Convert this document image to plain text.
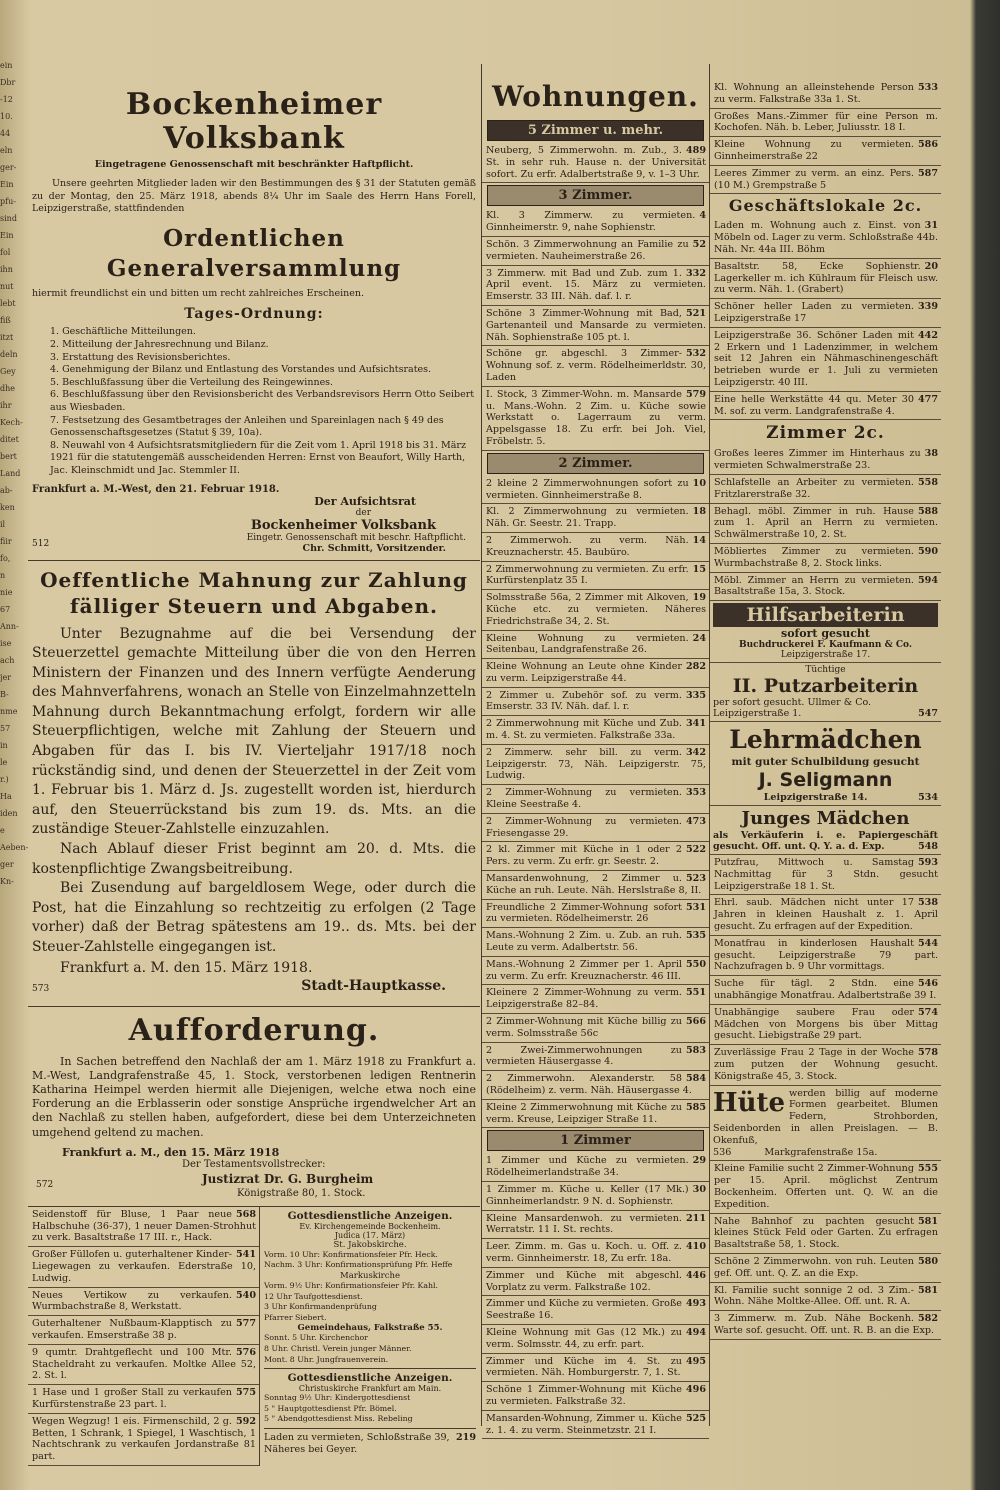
ein
Dbr
-12
10.
44
eln
ger-
Ein
pfu-
sind
Ein
fol
ihn
nut
lebt
fiß
itzt
deln
Gey
dhe
ihr
Kech-
ditet
bert
Land
ab-
ken
il
fiir
fo,
n
nie
67
Ann-
ise
ach
jer
B-
nme
57
in
le
r.)
Ha
iden
e
Aeben-
ger
Kn-
Bockenheimer Volksbank
Eingetragene Genossenschaft mit beschränkter Haftpflicht.
Unsere geehrten Mitglieder laden wir den Bestimmungen des § 31 der Statuten gemäß zu der Montag, den 25. März 1918, abends 8¼ Uhr im Saale des Herrn Hans Forell, Leipzigerstraße, stattfindenden
Ordentlichen Generalversammlung
hiermit freundlichst ein und bitten um recht zahlreiches Erscheinen.
Tages-Ordnung:
1. Geschäftliche Mitteilungen.
2. Mitteilung der Jahresrechnung und Bilanz.
3. Erstattung des Revisionsberichtes.
4. Genehmigung der Bilanz und Entlastung des Vorstandes und Aufsichtsrates.
5. Beschlußfassung über die Verteilung des Reingewinnes.
6. Beschlußfassung über den Revisionsbericht des Verbandsrevisors Herrn Otto Seibert aus Wiesbaden.
7. Festsetzung des Gesamtbetrages der Anleihen und Spareinlagen nach § 49 des Genossenschaftsgesetzes (Statut § 39, 10a).
8. Neuwahl von 4 Aufsichtsratsmitgliedern für die Zeit vom 1. April 1918 bis 31. März 1921 für die statutengemäß ausscheidenden Herren: Ernst von Beaufort, Willy Harth, Jac. Kleinschmidt und Jac. Stemmler II.
Frankfurt a. M.-West, den 21. Februar 1918.
Der Aufsichtsrat
der
Bockenheimer Volksbank
512
Eingetr. Genossenschaft mit beschr. Haftpflicht.
Chr. Schmitt, Vorsitzender.
Oeffentliche Mahnung zur Zahlung
fälliger Steuern und Abgaben.

Unter Bezugnahme auf die bei Versendung der Steuerzettel gemachte Mitteilung über die von den Herren Ministern der Finanzen und des Innern verfügte Aenderung des Mahnverfahrens, wonach an Stelle von Einzelmahnzetteln Mahnung durch Bekanntmachung erfolgt, fordern wir alle Steuerpflichtigen, welche mit Zahlung der Steuern und Abgaben für das I. bis IV. Vierteljahr 1917/18 noch rückständig sind, und denen der Steuerzettel in der Zeit vom 1. Februar bis 1. März d. Js. zugestellt worden ist, hierdurch auf, den Steuerrückstand bis zum 19. ds. Mts. an die zuständige Steuer-Zahlstelle einzuzahlen.

Nach Ablauf dieser Frist beginnt am 20. d. Mts. die kostenpflichtige Zwangsbeitreibung.

Bei Zusendung auf bargeldlosem Wege, oder durch die Post, hat die Einzahlung so rechtzeitig zu erfolgen (2 Tage vorher) daß der Betrag spätestens am 19.. ds. Mts. bei der Steuer-Zahlstelle eingegangen ist.

Frankfurt a. M. den 15. März 1918.

573	Stadt-Hauptkasse.
Aufforderung.

In Sachen betreffend den Nachlaß der am 1. März 1918 zu Frankfurt a. M.-West, Landgrafenstraße 45, 1. Stock, verstorbenen ledigen Rentnerin Katharina Heimpel werden hiermit alle Diejenigen, welche etwa noch eine Forderung an die Erblasserin oder sonstige Ansprüche irgendwelcher Art an den Nachlaß zu stellen haben, aufgefordert, diese bei dem Unterzeichneten umgehend geltend zu machen.

Frankfurt a. M., den 15. März 1918

Der Testamentsvollstrecker:

572	Justizrat Dr. G. Burgheim

Königstraße 80, 1. Stock.

568
Seidenstoff für Bluse, 1 Paar neue Halbschuhe (36-37), 1 neuer Damen-Strohhut zu verk. Basaltstraße 17 III. r., Hack.
541
Großer Füllofen u. guterhaltener Kinder-Liegewagen zu verkaufen. Ederstraße 10, Ludwig.
540
Neues Vertikow zu verkaufen. Wurmbachstraße 8, Werkstatt.
577
Guterhaltener Nußbaum-Klapptisch zu verkaufen. Emserstraße 38 p.
576
9 qumtr. Drahtgeflecht und 100 Mtr. Stacheldraht zu verkaufen. Moltke Allee 52, 2. St. l.
575
1 Hase und 1 großer Stall zu verkaufen Kurfürstenstraße 23 part. l.
592
Wegen Wegzug! 1 eis. Firmenschild, 2 g. Betten, 1 Schrank, 1 Spiegel, 1 Waschtisch, 1 Nachtschrank zu verkaufen Jordanstraße 81 part.
Gottesdienstliche Anzeigen.
Ev. Kirchengemeinde Bockenheim.
Judica (17. März)
St. Jakobskirche.
Vorm. 10 Uhr: Konfirmationsfeier Pfr. Heck.
Nachm. 3 Uhr: Konfirmationsprüfung Pfr. Heffe
Markuskirche
Vorm. 9½ Uhr: Konfirmationsfeier Pfr. Kahl.
12 Uhr Taufgottesdienst.
3 Uhr Konfirmandenprüfung
Pfarrer Siebert.
Gemeindehaus, Falkstraße 55.
Sonnt. 5 Uhr. Kirchenchor
8 Uhr. Christl. Verein junger Männer.
Mont. 8 Uhr. Jungfrauenverein.
Gottesdienstliche Anzeigen.
Christuskirche Frankfurt am Main.
Sonntag 9½ Uhr: Kindergottesdienst
5 " Hauptgottesdienst Pfr. Bömel.
5 " Abendgottesdienst Miss. Rebeling
219
Laden zu vermieten, Schloßstraße 39, Näheres bei Geyer.
Wohnungen.
5 Zimmer u. mehr.
489
Neuberg, 5 Zimmerwohn. m. Zub., 3. St. in sehr ruh. Hause n. der Universität sofort. Zu erfr. Adalbertstraße 9, v. 1–3 Uhr.
3 Zimmer.
4
Kl. 3 Zimmerw. zu vermieten. Ginnheimerstr. 9, nahe Sophienstr.
52
Schön. 3 Zimmerwohnung an Familie zu vermieten. Nauheimerstraße 26.
332
3 Zimmerw. mit Bad und Zub. zum 1. April event. 15. März zu vermieten. Emserstr. 33 III. Näh. daf. l. r.
521
Schöne 3 Zimmer-Wohnung mit Bad, Gartenanteil und Mansarde zu vermieten. Näh. Sophienstraße 105 pt. l.
532
Schöne gr. abgeschl. 3 Zimmer-Wohnung sof. z. verm. Rödelheimerldstr. 30, Laden
579
I. Stock, 3 Zimmer-Wohn. m. Mansarde u. Mans.-Wohn. 2 Zim. u. Küche sowie Werkstatt o. Lagerraum zu verm. Appelsgasse 18. Zu erfr. bei Joh. Viel, Fröbelstr. 5.
2 Zimmer.
10
2 kleine 2 Zimmerwohnungen sofort zu vermieten. Ginnheimerstraße 8.
18
Kl. 2 Zimmerwohnung zu vermieten. Näh. Gr. Seestr. 21. Trapp.
14
2 Zimmerwoh. zu verm. Näh. Kreuznacherstr. 45. Baubüro.
15
2 Zimmerwohnung zu vermieten. Zu erfr. Kurfürstenplatz 35 I.
19
Solmsstraße 56a, 2 Zimmer mit Alkoven, Küche etc. zu vermieten. Näheres Friedrichstraße 34, 2. St.
24
Kleine Wohnung zu vermieten. Seitenbau, Landgrafenstraße 26.
282
Kleine Wohnung an Leute ohne Kinder zu verm. Leipzigerstraße 44.
335
2 Zimmer u. Zubehör sof. zu verm. Emserstr. 33 IV. Näh. daf. l. r.
341
2 Zimmerwohnung mit Küche und Zub. m. 4. St. zu vermieten. Falkstraße 33a.
342
2 Zimmerw. sehr bill. zu verm. Leipzigerstr. 73, Näh. Leipzigerstr. 75, Ludwig.
353
2 Zimmer-Wohnung zu vermieten. Kleine Seestraße 4.
473
2 Zimmer-Wohnung zu vermieten. Friesengasse 29.
522
2 kl. Zimmer mit Küche in 1 oder 2 Pers. zu verm. Zu erfr. gr. Seestr. 2.
523
Mansardenwohnung, 2 Zimmer u. Küche an ruh. Leute. Näh. Herslstraße 8, II.
531
Freundliche 2 Zimmer-Wohnung sofort zu vermieten. Rödelheimerstr. 26
535
Mans.-Wohnung 2 Zim. u. Zub. an ruh. Leute zu verm. Adalbertstr. 56.
550
Mans.-Wohnung 2 Zimmer per 1. April zu verm. Zu erfr. Kreuznacherstr. 46 III.
551
Kleinere 2 Zimmer-Wohnung zu verm. Leipzigerstraße 82–84.
566
2 Zimmer-Wohnung mit Küche billig zu verm. Solmsstraße 56c
583
2 Zwei-Zimmerwohnungen zu vermieten Häusergasse 4.
584
2 Zimmerwohn. Alexanderstr. 58 (Rödelheim) z. verm. Näh. Häusergasse 4.
585
Kleine 2 Zimmerwohnung mit Küche zu verm. Kreuse, Leipziger Straße 11.
1 Zimmer
29
1 Zimmer und Küche zu vermieten. Rödelheimerlandstraße 34.
30
1 Zimmer m. Küche u. Keller (17 Mk.) Ginnheimerlandstr. 9 N. d. Sophienstr.
211
Kleine Mansardenwoh. zu vermieten. Werratstr. 11 I. St. rechts.
410
Leer. Zimm. m. Gas u. Koch. u. Off. z. verm. Ginnheimerstr. 18, Zu erfr. 18a.
446
Zimmer und Küche mit abgeschl. Vorplatz zu verm. Falkstraße 102.
493
Zimmer und Küche zu vermieten. Große Seestraße 16.
494
Kleine Wohnung mit Gas (12 Mk.) zu verm. Solmsstr. 44, zu erfr. part.
495
Zimmer und Küche im 4. St. zu vermieten. Näh. Homburgerstr. 7, 1. St.
496
Schöne 1 Zimmer-Wohnung mit Küche zu vermieten. Falkstraße 32.
525
Mansarden-Wohnung, Zimmer u. Küche z. 1. 4. zu verm. Steinmetzstr. 21 I.
533
Kl. Wohnung an alleinstehende Person zu verm. Falkstraße 33a 1. St.
Großes Mans.-Zimmer für eine Person m. Kochofen. Näh. b. Leber, Juliusstr. 18 I.
586
Kleine Wohnung zu vermieten. Ginnheimerstraße 22
587
Leeres Zimmer zu verm. an einz. Pers. (10 M.) Grempstraße 5
Geschäftslokale 2c.
31
Laden m. Wohnung auch z. Einst. von Möbeln od. Lager zu verm. Schloßstraße 44b. Näh. Nr. 44a III. Böhm
20
Basaltstr. 58, Ecke Sophienstr. Lagerkeller m. ich Kühlraum für Fleisch usw. zu verm. Näh. 1. (Grabert)
339
Schöner heller Laden zu vermieten. Leipzigerstraße 17
442
Leipzigerstraße 36. Schöner Laden mit 2 Erkern und 1 Ladenzimmer, in welchem seit 12 Jahren ein Nähmaschinengeschäft betrieben wurde er 1. Juli zu vermieten Leipzigerstr. 40 III.
477
Eine helle Werkstätte 44 qu. Meter 30 M. sof. zu verm. Landgrafenstraße 4.
Zimmer 2c.
38
Großes leeres Zimmer im Hinterhaus zu vermieten Schwalmerstraße 23.
558
Schlafstelle an Arbeiter zu vermieten. Fritzlarerstraße 32.
588
Behagl. möbl. Zimmer in ruh. Hause zum 1. April an Herrn zu vermieten. Schwälmerstraße 10, 2. St.
590
Möbliertes Zimmer zu vermieten. Wurmbachstraße 8, 2. Stock links.
594
Möbl. Zimmer an Herrn zu vermieten. Basaltstraße 15a, 3. Stock.
Hilfsarbeiterin
sofort gesucht
Buchdruckerei F. Kaufmann & Co.
Leipzigerstraße 17.
Tüchtige
II. Putzarbeiterin
per sofort gesucht. Ullmer & Co.
Leipzigerstraße 1.	547
Lehrmädchen
mit guter Schulbildung gesucht
J. Seligmann
Leipzigerstraße 14.	534
Junges Mädchen
als Verkäuferin i. e. Papiergeschäft gesucht. Off. unt. Q. Y. a. d. Exp.	548
593
Putzfrau, Mittwoch u. Samstag Nachmittag für 3 Stdn. gesucht Leipzigerstraße 18 1. St.
538
Ehrl. saub. Mädchen nicht unter 17 Jahren in kleinen Haushalt z. 1. April gesucht. Zu erfragen auf der Expedition.
544
Monatfrau in kinderlosen Haushalt gesucht. Leipzigerstraße 79 part. Nachzufragen b. 9 Uhr vormittags.
546
Suche für tägl. 2 Stdn. eine unabhängige Monatfrau. Adalbertstraße 39 I.
574
Unabhängige saubere Frau oder Mädchen von Morgens bis über Mittag gesucht. Liebigstraße 29 part.
578
Zuverlässige Frau 2 Tage in der Woche zum putzen der Wohnung gesucht. Königstraße 45, 3. Stock.
Hüte werden billig auf moderne Formen gearbeitet. Blumen Federn, Strohborden, Seidenborden in allen Preislagen. — B. Okenfuß,
536	Markgrafenstraße 15a.
555
Kleine Familie sucht 2 Zimmer-Wohnung per 15. April. möglichst Zentrum Bockenheim. Offerten unt. Q. W. an die Expedition.
581
Nahe Bahnhof zu pachten gesucht kleines Stück Feld oder Garten. Zu erfragen Basaltstraße 58, 1. Stock.
580
Schöne 2 Zimmerwohn. von ruh. Leuten gef. Off. unt. Q. Z. an die Exp.
581
Kl. Familie sucht sonnige 2 od. 3 Zim.-Wohn. Nähe Moltke-Allee. Off. unt. R. A.
582
3 Zimmerw. m. Zub. Nähe Bockenh. Warte sof. gesucht. Off. unt. R. B. an die Exp.
